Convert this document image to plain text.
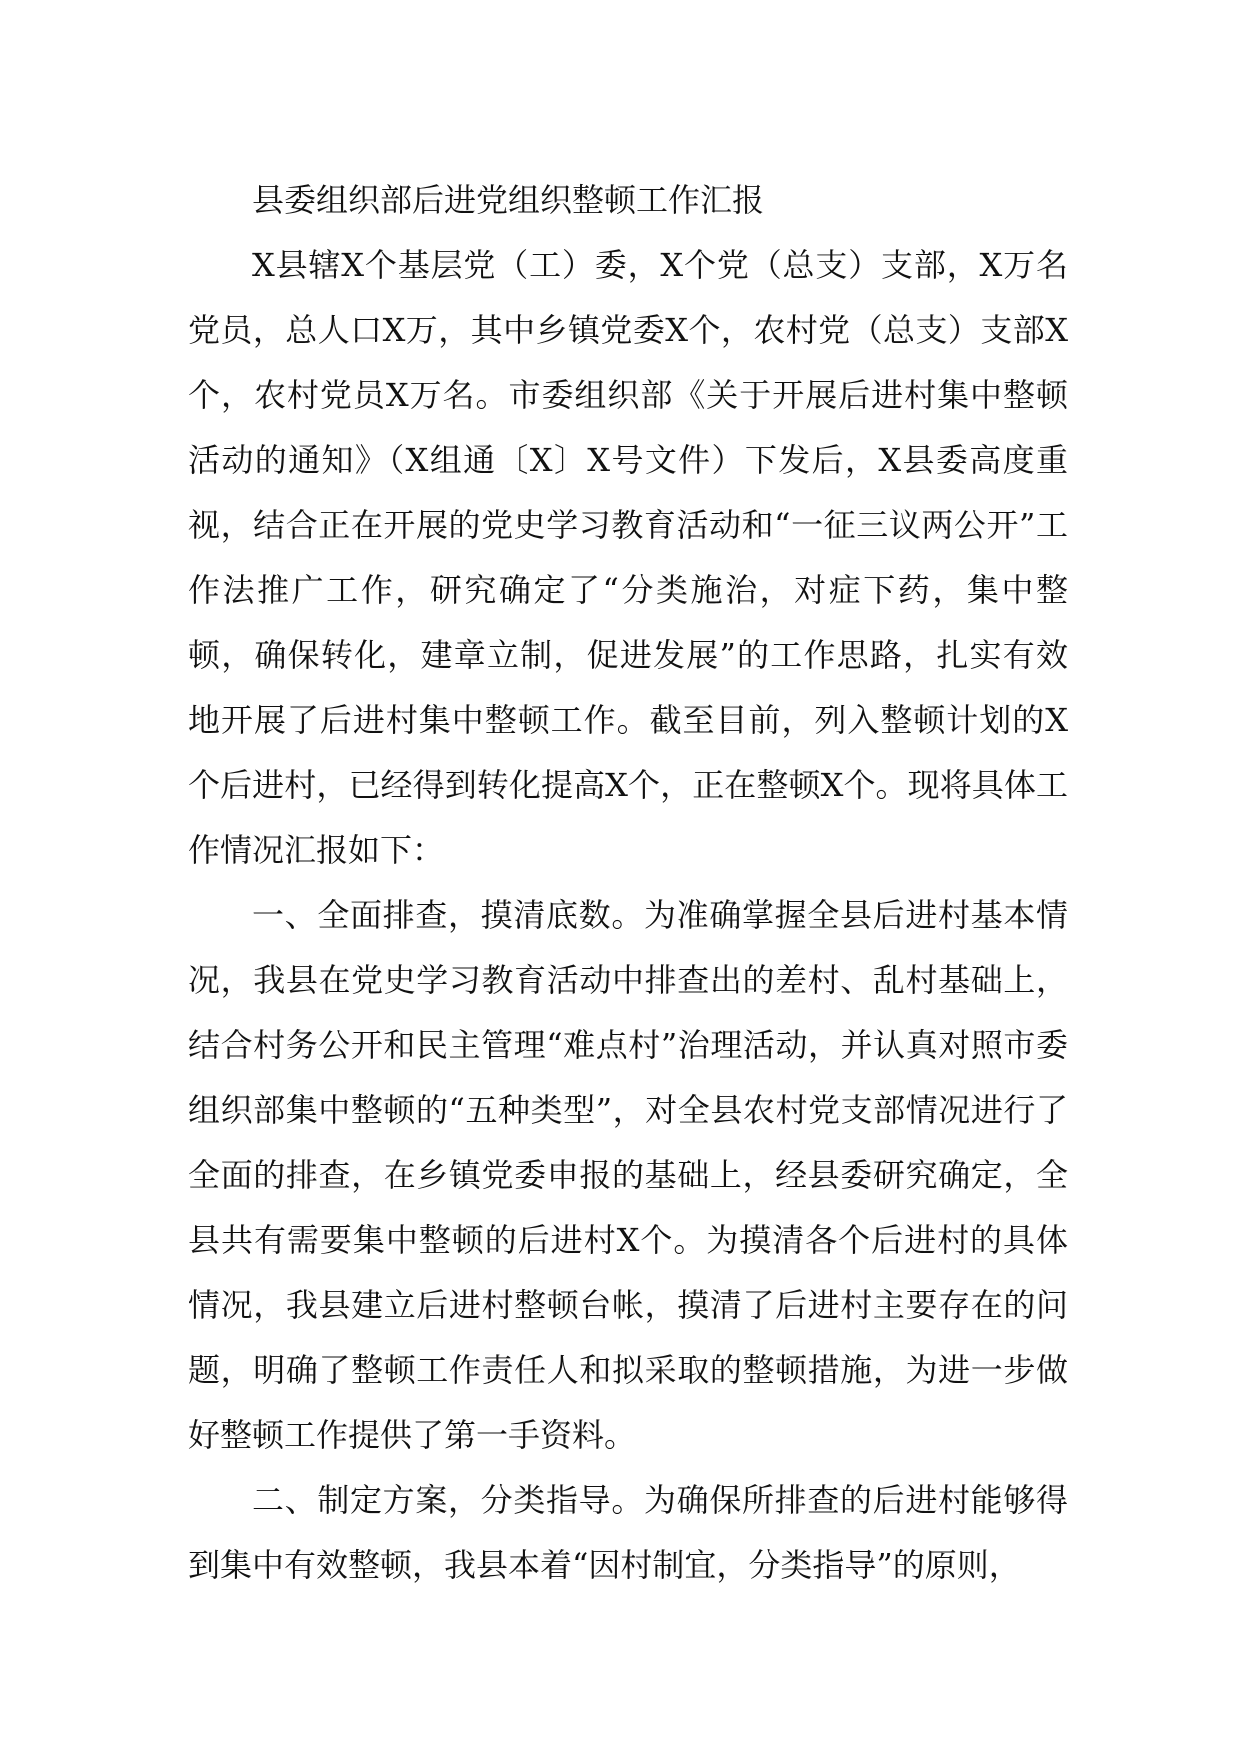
县委组织部后进党组织整顿工作汇报

X县辖X个基层党（工）委，X个党（总支）支部，X万名党员，总人口X万，其中乡镇党委X个，农村党（总支）支部X个，农村党员X万名。市委组织部《关于开展后进村集中整顿活动的通知》（X组通〔X〕X号文件）下发后，X县委高度重视，结合正在开展的党史学习教育活动和“一征三议两公开”工作法推广工作，研究确定了“分类施治，对症下药，集中整顿，确保转化，建章立制，促进发展”的工作思路，扎实有效地开展了后进村集中整顿工作。截至目前，列入整顿计划的X个后进村，已经得到转化提高X个，正在整顿X个。现将具体工作情况汇报如下：

一、全面排查，摸清底数。为准确掌握全县后进村基本情况，我县在党史学习教育活动中排查出的差村、乱村基础上，结合村务公开和民主管理“难点村”治理活动，并认真对照市委组织部集中整顿的“五种类型”，对全县农村党支部情况进行了全面的排查，在乡镇党委申报的基础上，经县委研究确定，全县共有需要集中整顿的后进村X个。为摸清各个后进村的具体情况，我县建立后进村整顿台帐，摸清了后进村主要存在的问题，明确了整顿工作责任人和拟采取的整顿措施，为进一步做好整顿工作提供了第一手资料。

二、制定方案，分类指导。为确保所排查的后进村能够得到集中有效整顿，我县本着“因村制宜，分类指导”的原则，
